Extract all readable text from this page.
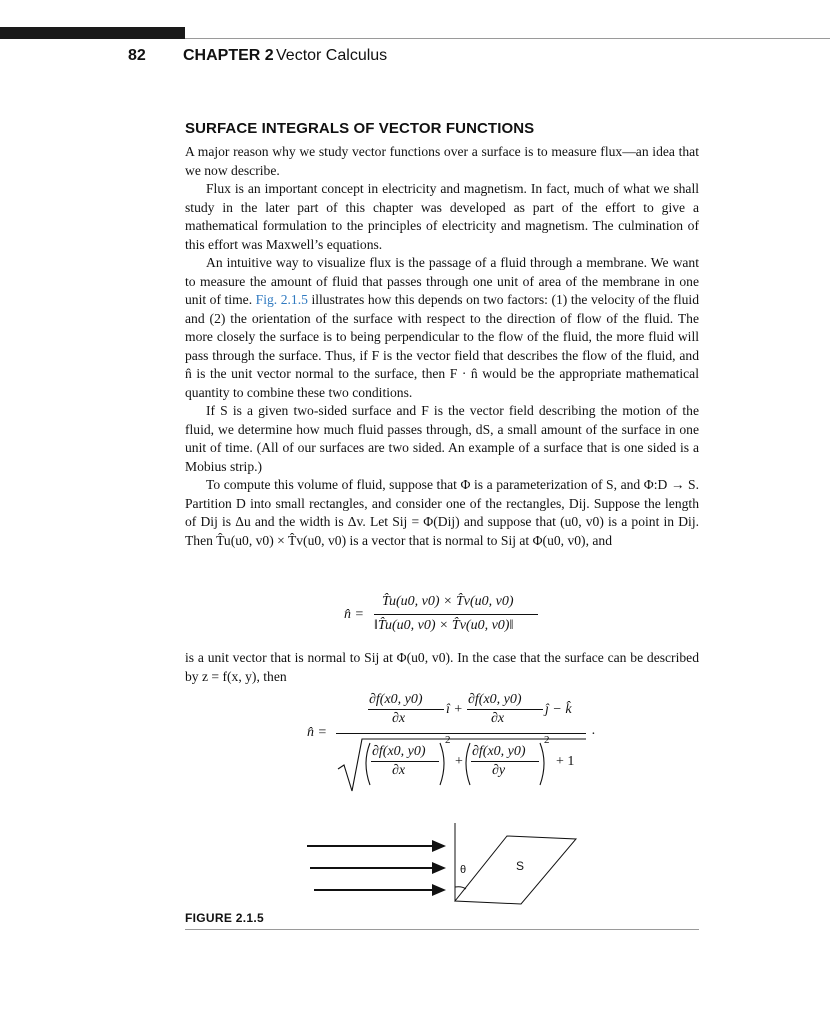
82 CHAPTER 2 Vector Calculus
SURFACE INTEGRALS OF VECTOR FUNCTIONS

A major reason why we study vector functions over a surface is to measure flux—an idea that we now describe.

Flux is an important concept in electricity and magnetism. In fact, much of what we shall study in the later part of this chapter was developed as part of the effort to give a mathematical formulation to the principles of electricity and magnetism. The culmination of this effort was Maxwell’s equations.

An intuitive way to visualize flux is the passage of a fluid through a membrane. We want to measure the amount of fluid that passes through one unit of area of the membrane in one unit of time. Fig. 2.1.5 illustrates how this depends on two factors: (1) the velocity of the fluid and (2) the orientation of the surface with respect to the direction of flow of the fluid. The more closely the surface is to being perpendicular to the flow of the fluid, the more fluid will pass through the surface. Thus, if F is the vector field that describes the flow of the fluid, and n̂ is the unit vector normal to the surface, then F · n̂ would be the appropriate mathematical quantity to combine these two conditions.

If S is a given two-sided surface and F is the vector field describing the motion of the fluid, we determine how much fluid passes through, dS, a small amount of the surface in one unit of time. (All of our surfaces are two sided. An example of a surface that is one sided is a Mobius strip.)

To compute this volume of fluid, suppose that Φ is a parameterization of S, and Φ:D → S. Partition D into small rectangles, and consider one of the rectangles, Dij. Suppose the length of Dij is Δu and the width is Δv. Let Sij = Φ(Dij) and suppose that (u0, v0) is a point in Dij. Then T̂u(u0, v0) × T̂v(u0, v0) is a vector that is normal to Sij at Φ(u0, v0), and

n̂ =
T̂u(u0, v0) × T̂v(u0, v0)
‖T̂u(u0, v0) × T̂v(u0, v0)‖

is a unit vector that is normal to Sij at Φ(u0, v0). In the case that the surface can be described by z = f(x, y), then

n̂ =
∂f(x0, y0)
∂x
î +
∂f(x0, y0)
∂x
ĵ − k̂
.
∂f(x0, y0)
∂x
2
+
∂f(x0, y0)
∂y
2
+ 1
θ	S
FIGURE 2.1.5
